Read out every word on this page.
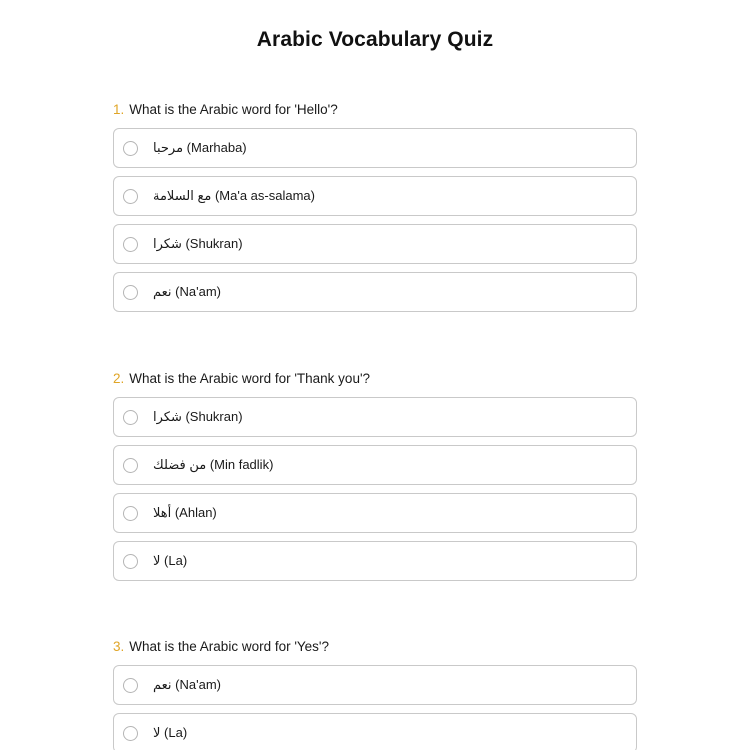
Arabic Vocabulary Quiz
1. What is the Arabic word for 'Hello'?
مرحبا (Marhaba)
مع السلامة (Ma'a as-salama)
شكرا (Shukran)
نعم (Na'am)
2. What is the Arabic word for 'Thank you'?
شكرا (Shukran)
من فضلك (Min fadlik)
أهلا (Ahlan)
لا (La)
3. What is the Arabic word for 'Yes'?
نعم (Na'am)
لا (La)
